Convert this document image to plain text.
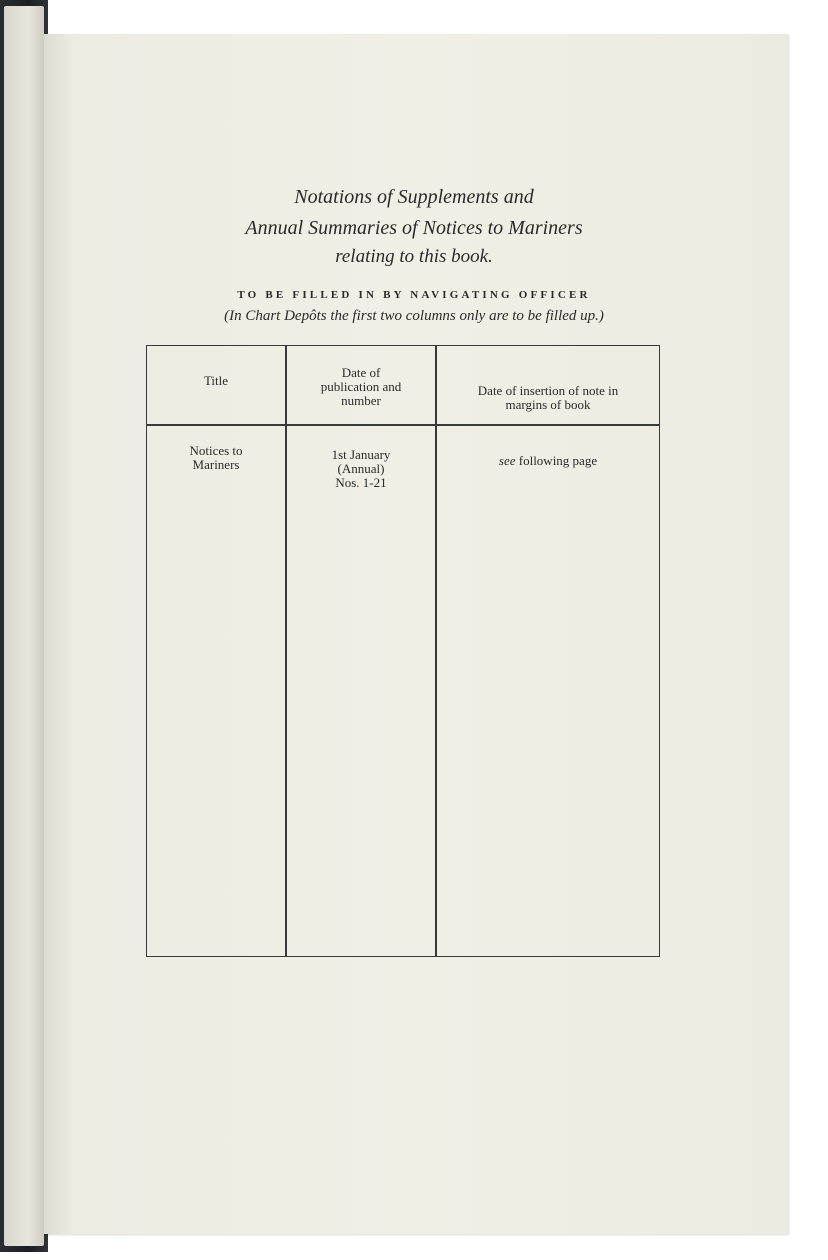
Notations of Supplements and
Annual Summaries of Notices to Mariners
relating to this book.
TO BE FILLED IN BY NAVIGATING OFFICER
(In Chart Depôts the first two columns only are to be filled up.)
Title
Date of
publication and
number
Date of insertion of note in
margins of book
Notices to
Mariners
1st January
(Annual)
Nos. 1-21
see following page
